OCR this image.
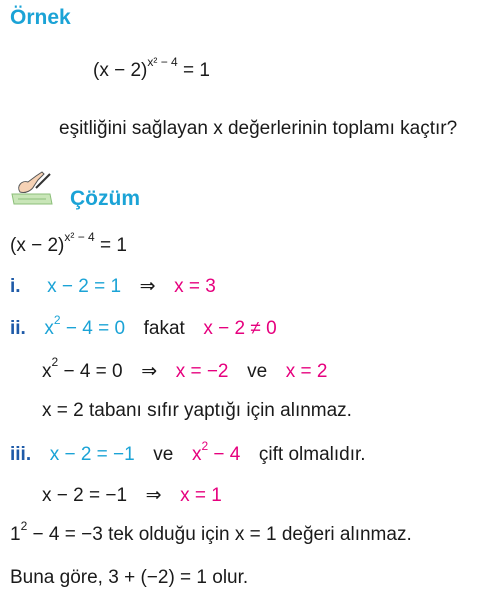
Örnek
$(x - 2)^{x^2 - 4} = 1$
eşitliğini sağlayan x değerlerinin toplamı kaçtır?
Çözüm
$(x - 2)^{x^2 - 4} = 1$
i. x − 2 = 1 ⇒ x = 3
ii. $x^2 - 4 = 0$ fakat x − 2 ≠ 0
$x^2 - 4 = 0$ ⇒ x = −2 ve x = 2
x = 2 tabanı sıfır yaptığı için alınmaz.
iii. x − 2 = −1 ve $x^2 - 4$ çift olmalıdır.
x − 2 = −1 ⇒ x = 1
$1^2 - 4 = -3$ tek olduğu için x = 1 değeri alınmaz.
Buna göre, 3 + (−2) = 1 olur.
